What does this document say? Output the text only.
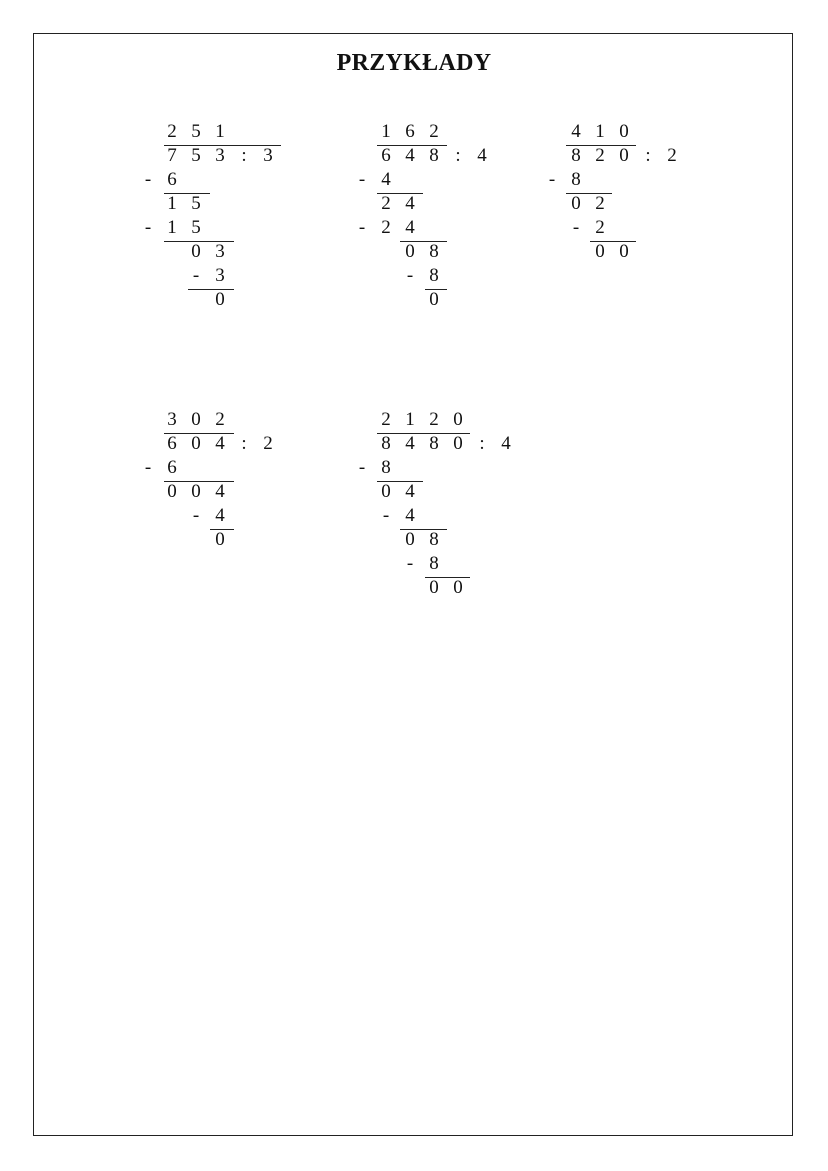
PRZYKŁADY
2 5 1
7 5 3 : 3
- 6
1 5
- 1 5
0 3
- 3
0
1 6 2
6 4 8 : 4
- 4
2 4
- 2 4
0 8
- 8
0
4 1 0
8 2 0 : 2
- 8
0 2
- 2
0 0
3 0 2
6 0 4 : 2
- 6
0 0 4
- 4
0
2 1 2 0
8 4 8 0 : 4
- 8
0 4
- 4
0 8
- 8
0 0
